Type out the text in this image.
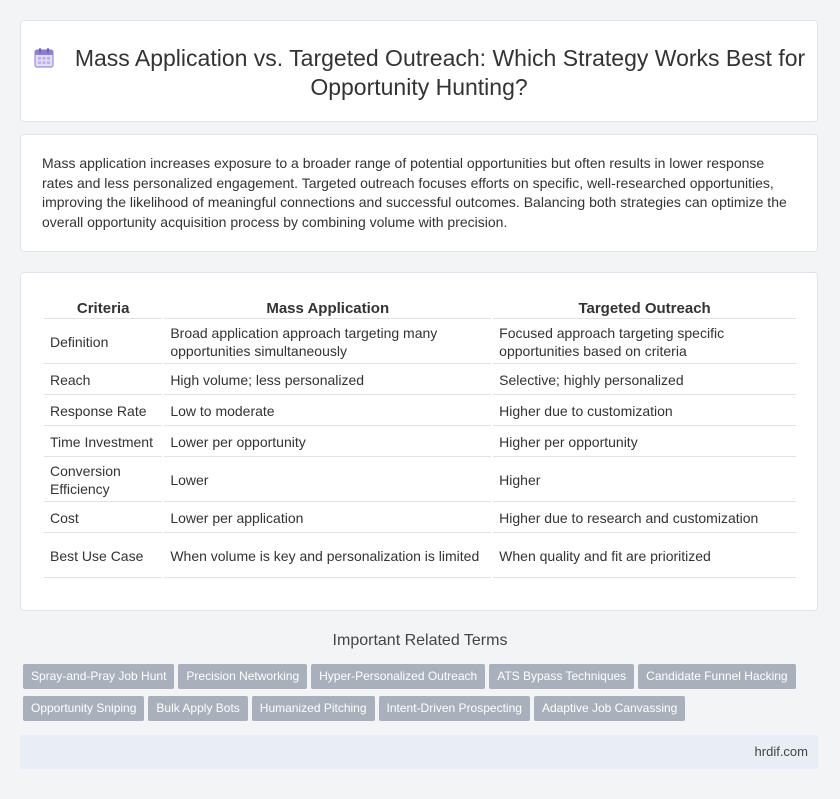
Mass Application vs. Targeted Outreach: Which Strategy Works Best for Opportunity Hunting?

Mass application increases exposure to a broader range of potential opportunities but often results in lower response rates and less personalized engagement. Targeted outreach focuses efforts on specific, well-researched opportunities, improving the likelihood of meaningful connections and successful outcomes. Balancing both strategies can optimize the overall opportunity acquisition process by combining volume with precision.

Criteria	Mass Application	Targeted Outreach
Definition	Broad application approach targeting many opportunities simultaneously	Focused approach targeting specific opportunities based on criteria
Reach	High volume; less personalized	Selective; highly personalized
Response Rate	Low to moderate	Higher due to customization
Time Investment	Lower per opportunity	Higher per opportunity
Conversion Efficiency	Lower	Higher
Cost	Lower per application	Higher due to research and customization
Best Use Case	When volume is key and personalization is limited	When quality and fit are prioritized
Important Related Terms
Spray-and-Pray Job Hunt Precision Networking Hyper-Personalized Outreach ATS Bypass Techniques Candidate Funnel Hacking
Opportunity Sniping Bulk Apply Bots Humanized Pitching Intent-Driven Prospecting Adaptive Job Canvassing
hrdif.com
